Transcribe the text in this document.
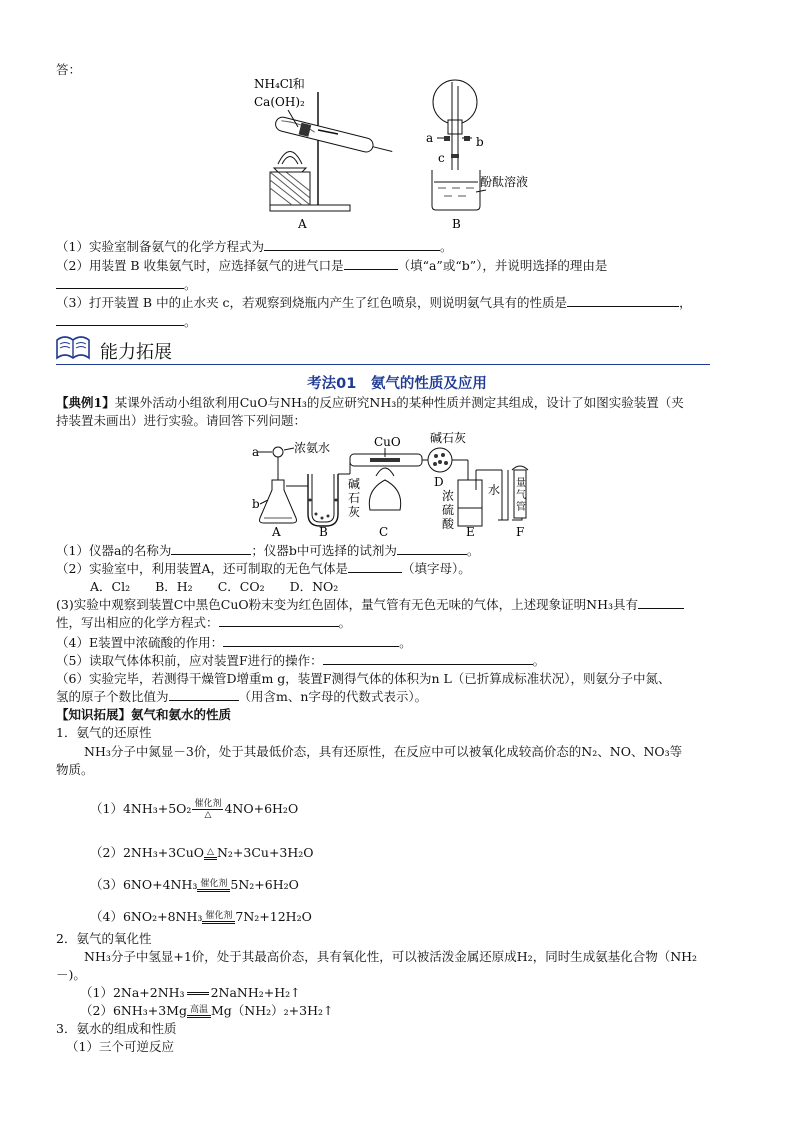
答：
NH₄Cl和
Ca(OH)₂
A
a	b
c
酚酞溶液
B
（1）实验室制备氨气的化学方程式为	。
（2）用装置 B 收集氨气时，应选择氨气的进气口是	（填“a”或“b”），并说明选择的理由是
。
（3）打开装置 B 中的止水夹 c，若观察到烧瓶内产生了红色喷泉，则说明氨气具有的性质是	，
。
能力拓展
考法01　氨气的性质及应用
【典例1】某课外活动小组欲利用CuO与NH₃的反应研究NH₃的某种性质并测定其组成，设计了如图实验装置（夹
持装置未画出）进行实验。请回答下列问题：
a	浓氨水
b
A	B
碱
石
灰
CuO
C
碱石灰
D
浓
硫
酸
E
水 量
气
管
F
（1）仪器a的名称为	；仪器b中可选择的试剂为	。
（2）实验室中，利用装置A，还可制取的无色气体是	（填字母）。
A．Cl₂　　B．H₂　　C．CO₂　　D．NO₂
(3)实验中观察到装置C中黑色CuO粉末变为红色固体，量气管有无色无味的气体，上述现象证明NH₃具有
性，写出相应的化学方程式：	。
（4）E装置中浓硫酸的作用：	。
（5）读取气体体积前，应对装置F进行的操作：	。
（6）实验完毕，若测得干燥管D增重m g，装置F测得气体的体积为n L（已折算成标准状况），则氨分子中氮、
氢的原子个数比值为	（用含m、n字母的代数式表示）。
【知识拓展】氨气和氨水的性质
1．氨气的还原性
NH₃分子中氮显－3价，处于其最低价态，具有还原性，在反应中可以被氧化成较高价态的N₂、NO、NO₃等
物质。
$(1)4NH_3+5O_2 \frac{\text{催化剂}}{\triangle} 4NO+6H_2O$
（2）2NH₃+3CuO △ N₂+3Cu+3H₂O
（3）6NO+4NH₃ 催化剂 5N₂+6H₂O
（4）6NO₂+8NH₃ 催化剂 7N₂+12H₂O
2．氨气的氧化性
NH₃分子中氢显+1价，处于其最高价态，具有氧化性，可以被活泼金属还原成H₂，同时生成氨基化合物（NH₂
－)。
（1）2Na+2NH₃ 2NaNH₂+H₂↑
（2）6NH₃+3Mg 高温 Mg（NH₂）₂+3H₂↑
3．氨水的组成和性质
（1）三个可逆反应
